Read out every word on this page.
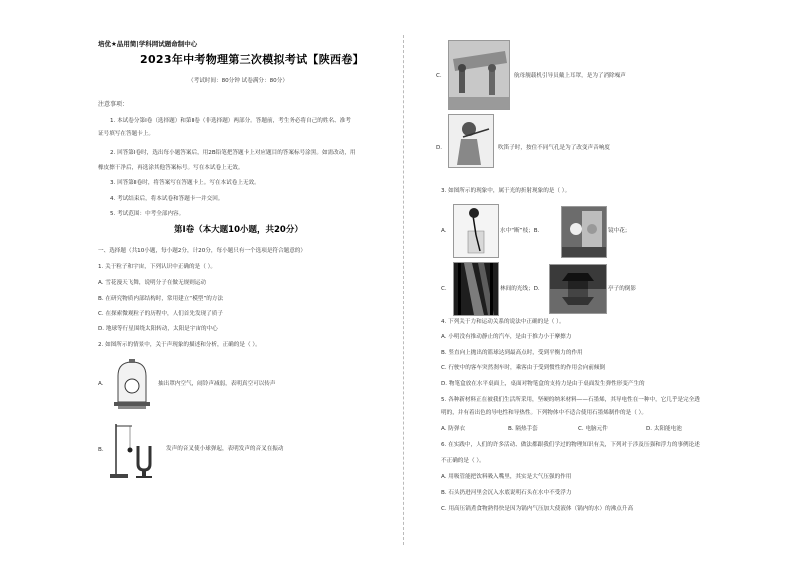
培优★品用简|学科网试题命制中心
2023年中考物理第三次模拟考试【陕西卷】
（考试时间：80分钟 试卷满分：80分）
注意事项：
1. 本试卷分第Ⅰ卷（选择题）和第Ⅱ卷（非选择题）两部分。答题前，考生务必将自己的姓名、准考
证号填写在答题卡上。
2. 回答第Ⅰ卷时，选出每小题答案后，用2B铅笔把答题卡上对应题目的答案标号涂黑。如需改动，用
橡皮擦干净后，再选涂其他答案标号。写在本试卷上无效。
3. 回答第Ⅱ卷时，将答案写在答题卡上。写在本试卷上无效。
4. 考试结束后，将本试卷和答题卡一并交回。
5. 考试范围：中考全部内容。
第Ⅰ卷（本大题10小题，共20分）
一、选择题（共10小题，每小题2分，计20分，每小题只有一个选项是符合题意的）
1. 关于粒子和宇宙，下列认识中正确的是（ ）。
A. 雪花漫天飞舞，说明分子在做无规则运动
B. 在研究物质内部结构时，常用建立“模型”的方法
C. 在探索微观粒子的历程中，人们首先发现了质子
D. 地球等行星围绕太阳转动，太阳是宇宙的中心
2. 如图所示的情景中，关于声现象的描述和分析，正确的是（ ）。
A.	抽出罩内空气，闹铃声减弱，表明真空可以传声
B.	发声的音叉使小球弹起，表明发声的音叉在振动
C.	航母舰载机引导员戴上耳罩，是为了消除噪声
D.	吹笛子时，按住不同气孔是为了改变声音响度
3. 如图所示的现象中，属于光的折射现象的是（ ）。
A.	水中“断”枝；B.	镜中花；
C.	林间的光线；D.	亭子的倒影
4. 下列关于力和运动关系的说法中正确的是（ ）。
A. 小明没有推动静止的汽车，是由于推力小于摩擦力
B. 竖直向上抛出的篮球达到最高点时，受到平衡力的作用
C. 行驶中的客车突然刹车时，乘客由于受到惯性的作用会向前倾倒
D. 物笔盒放在水平桌面上，桌面对物笔盒的支持力是由于桌面发生弹性形变产生的
5. 各种新材料正在被我们生活所采用，坚硬的纳米材料——石墨烯，其导电性在一种中，它几乎是完全透
明的，并有着出色的导电性和导热性。下列物体中不适合使用石墨烯制作的是（ ）。
A. 防弹衣	B. 隔热手套	C. 电脑元件	D. 太阳能电池
6. 在实践中，人们的许多活动、做法都跟我们学过的物理知识有关，下列对于涉及压强和浮力的事例论述
不正确的是（ ）。
A. 用吸管能把饮料吸入嘴里，其实是大气压强的作用
B. 石头扔进河里会沉入水底说明石头在水中不受浮力
C. 用高压锅煮食物熟得快是因为锅内气压加大使液体（锅内的水）的沸点升高
